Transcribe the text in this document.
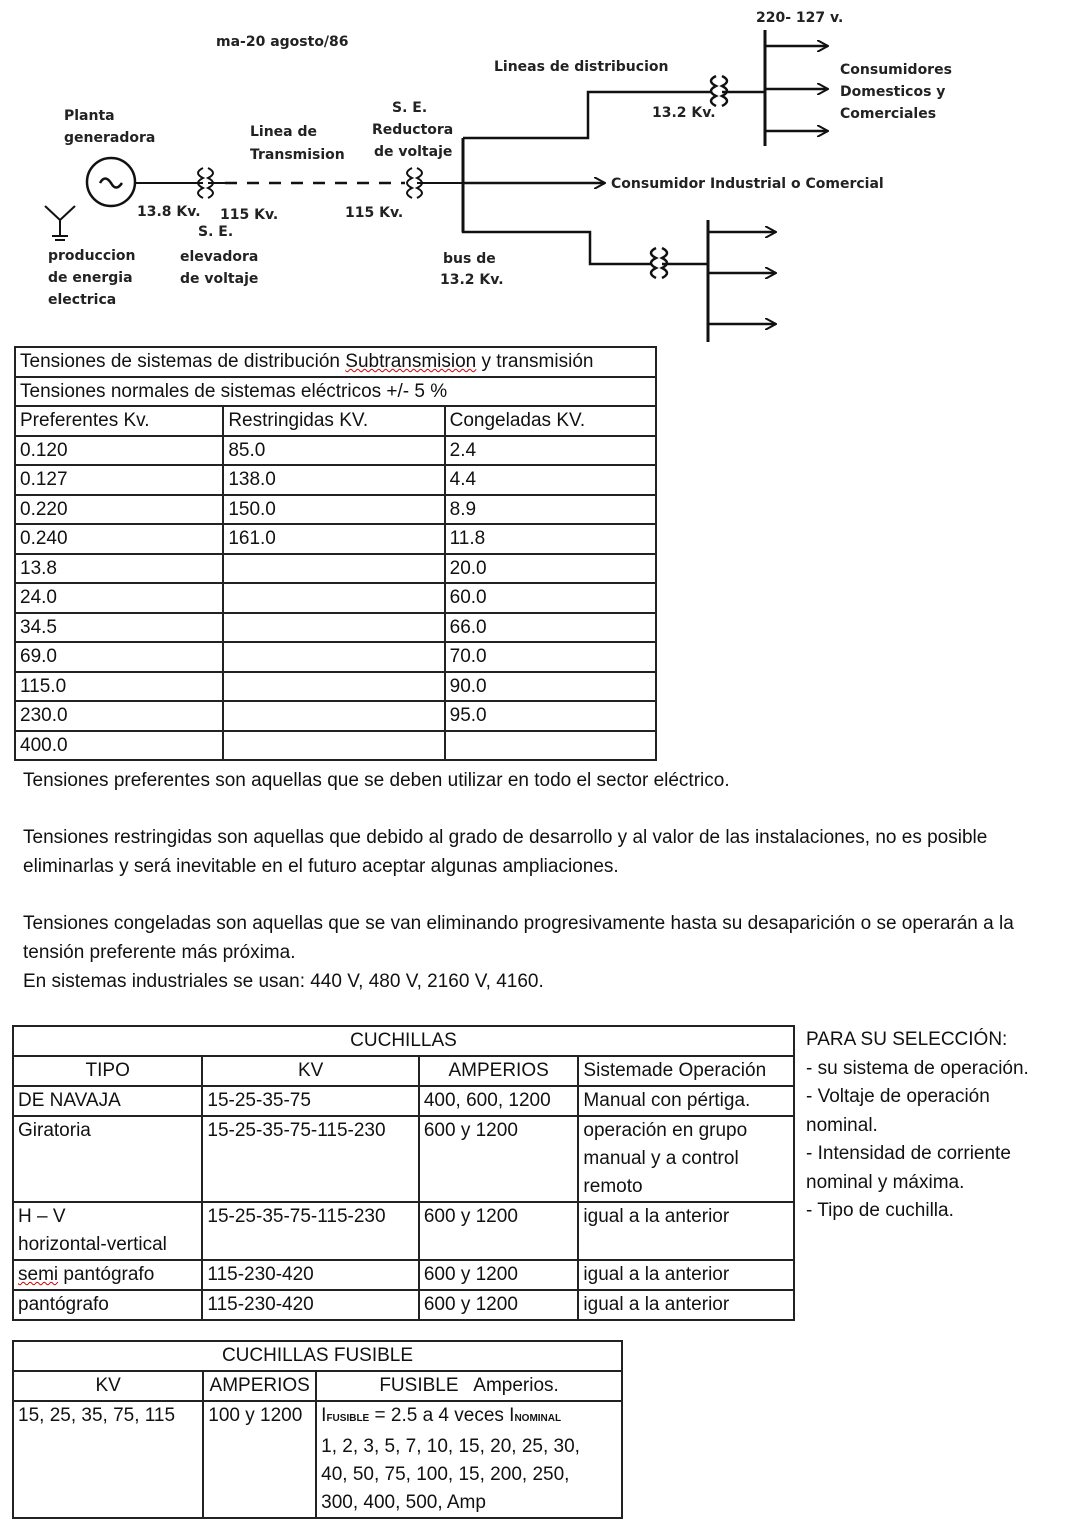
ma-20 agosto/86
Planta
generadora
produccion
de energia
electrica
13.8 Kv.
S. E.
elevadora
de voltaje
115 Kv.
Linea de
Transmision
115 Kv.
S. E.
Reductora
de voltaje
bus de
13.2 Kv.
Lineas de distribucion
13.2 Kv.
220- 127 v.
Consumidores
Domesticos y
Comerciales
Consumidor Industrial o Comercial
Tensiones de sistemas de distribución Subtransmision y transmisión		
Tensiones normales de sistemas eléctricos +/- 5 %		
Preferentes Kv.	Restringidas KV.	Congeladas KV.
0.120	85.0	2.4
0.127	138.0	4.4
0.220	150.0	8.9
0.240	161.0	11.8
13.8		20.0
24.0		60.0
34.5		66.0
69.0		70.0
115.0		90.0
230.0		95.0
400.0		
Tensiones preferentes son aquellas que se deben utilizar en todo el sector eléctrico.
Tensiones restringidas son aquellas que debido al grado de desarrollo y al valor de las instalaciones, no es posible
eliminarlas y será inevitable en el futuro aceptar algunas ampliaciones.
Tensiones congeladas son aquellas que se van eliminando progresivamente hasta su desaparición o se operarán a la
tensión preferente más próxima.
En sistemas industriales se usan: 440 V, 480 V, 2160 V, 4160.
CUCHILLAS			
TIPO	KV	AMPERIOS	Sistemade Operación
DE NAVAJA	15-25-35-75	400, 600, 1200	Manual con pértiga.
Giratoria	15-25-35-75-115-230	600 y 1200	operación en grupo
manual y a control
remoto

H – V
horizontal-vertical	15-25-35-75-115-230	600 y 1200	igual a la anterior
semi pantógrafo	115-230-420	600 y 1200	igual a la anterior
pantógrafo	115-230-420	600 y 1200	igual a la anterior
PARA SU SELECCIÓN:
- su sistema de operación.
- Voltaje de operación
nominal.
- Intensidad de corriente
nominal y máxima.
- Tipo de cuchilla.
CUCHILLAS FUSIBLE		
KV	AMPERIOS	FUSIBLE   Amperios.
15, 25, 35, 75, 115	100 y 1200	IFUSIBLE = 2.5 a 4 veces INOMINAL
1, 2, 3, 5, 7, 10, 15, 20, 25, 30,
40, 50, 75, 100, 15, 200, 250,
300, 400, 500, Amp
